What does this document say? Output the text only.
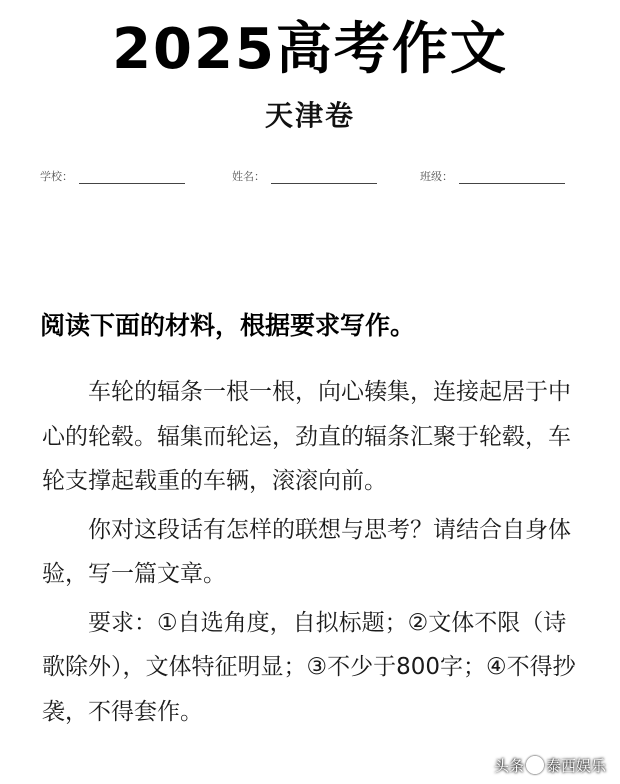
2025高考作文
天津卷
学校：	姓名：	班级：
阅读下面的材料，根据要求写作。

车轮的辐条一根一根，向心辏集，连接起居于中心的轮毂。辐集而轮运，劲直的辐条汇聚于轮毂，车轮支撑起载重的车辆，滚滚向前。

你对这段话有怎样的联想与思考？请结合自身体验，写一篇文章。

要求：①自选角度，自拟标题；②文体不限（诗歌除外），文体特征明显；③不少于800字；④不得抄袭，不得套作。

头条 泰西娱乐
